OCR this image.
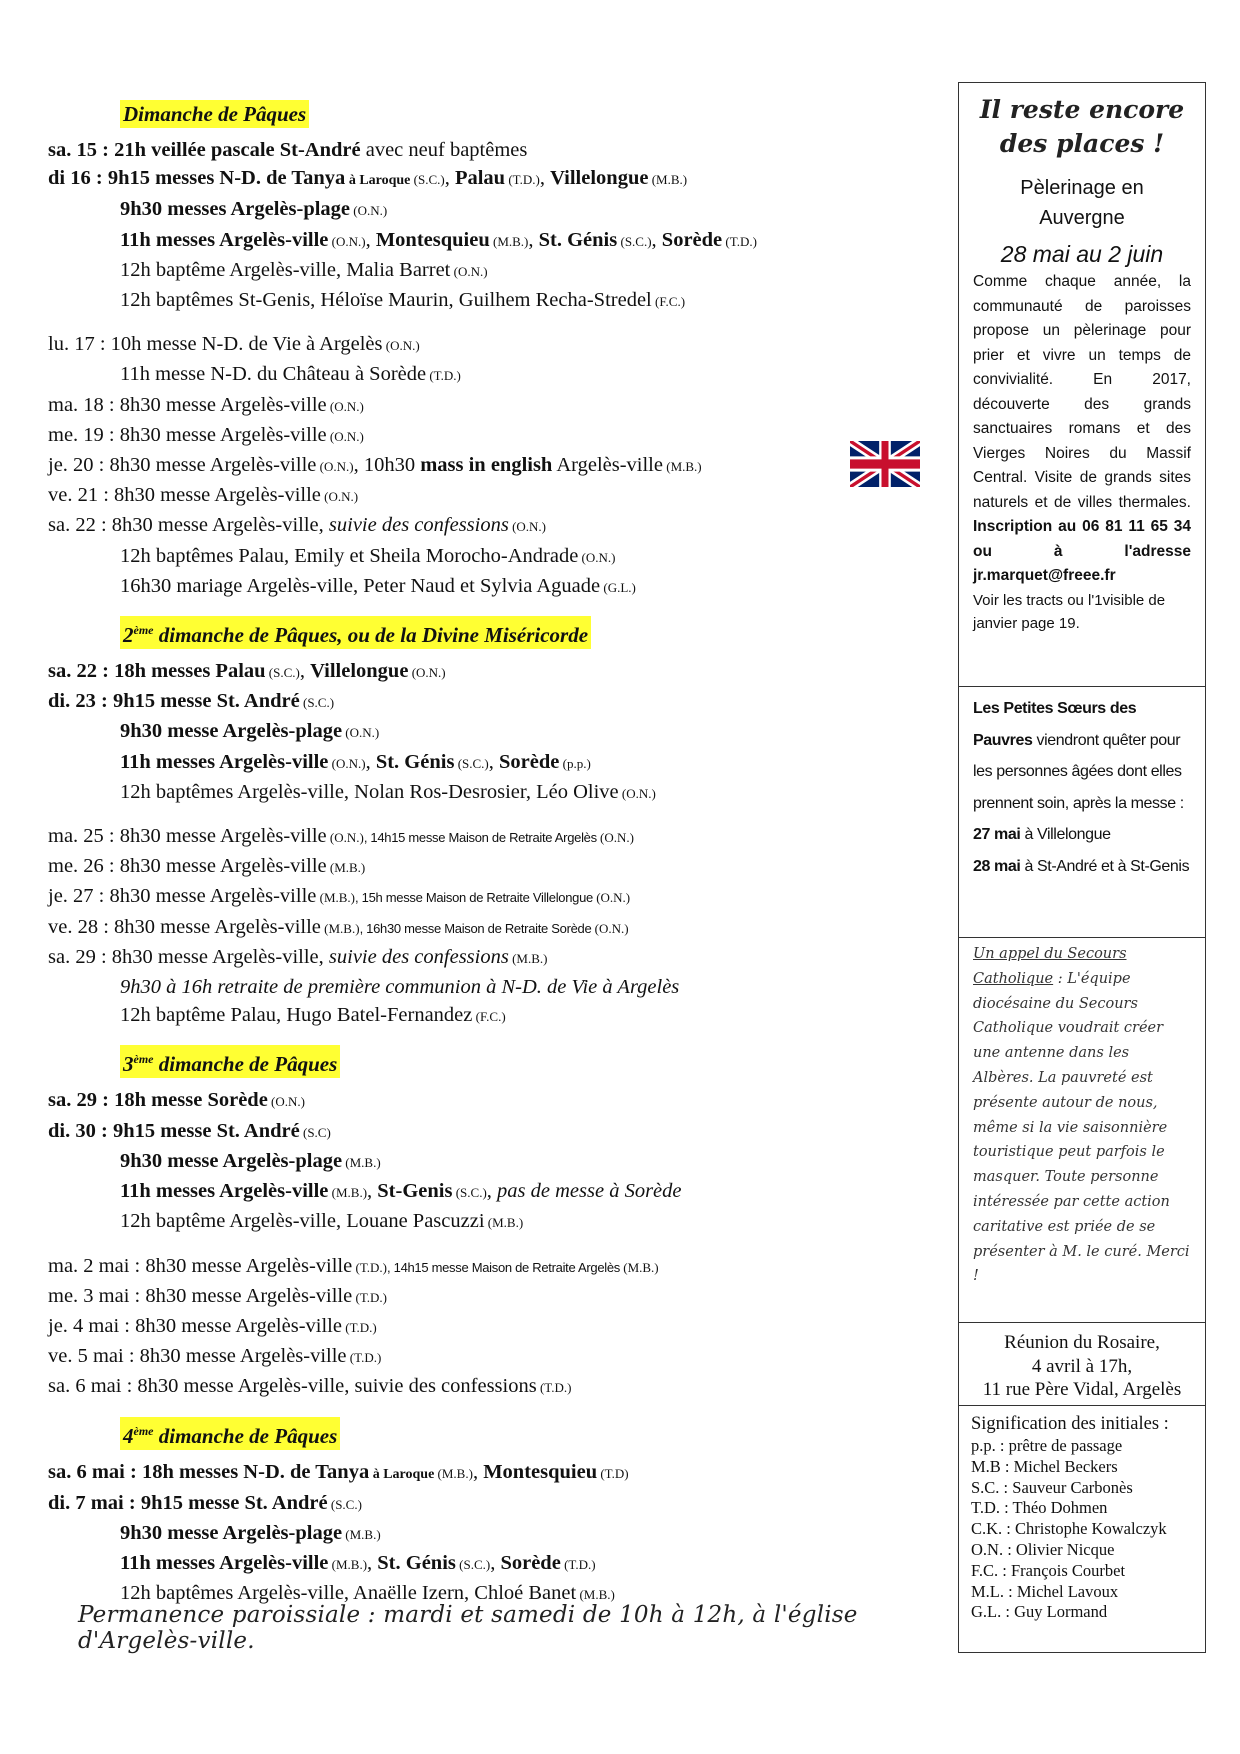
Dimanche de Pâques
sa. 15 : 21h veillée pascale St-André avec neuf baptêmes
di 16 : 9h15 messes N-D. de Tanya à Laroque (S.C.), Palau (T.D.), Villelongue (M.B.)
9h30 messes Argelès-plage (O.N.)
11h messes Argelès-ville (O.N.), Montesquieu (M.B.), St. Génis (S.C.), Sorède (T.D.)
12h baptême Argelès-ville, Malia Barret (O.N.)
12h baptêmes St-Genis, Héloïse Maurin, Guilhem Recha-Stredel (F.C.)
lu. 17 : 10h messe N-D. de Vie à Argelès (O.N.)
11h messe N-D. du Château à Sorède (T.D.)
ma. 18 : 8h30 messe Argelès-ville (O.N.)
me. 19 : 8h30 messe Argelès-ville (O.N.)
je. 20 : 8h30 messe Argelès-ville (O.N.), 10h30 mass in english Argelès-ville (M.B.)
ve. 21 : 8h30 messe Argelès-ville (O.N.)
sa. 22 : 8h30 messe Argelès-ville, suivie des confessions (O.N.)
12h baptêmes Palau, Emily et Sheila Morocho-Andrade (O.N.)
16h30 mariage Argelès-ville, Peter Naud et Sylvia Aguade (G.L.)
2ème dimanche de Pâques, ou de la Divine Miséricorde
sa. 22 : 18h messes Palau (S.C.), Villelongue (O.N.)
di. 23 : 9h15 messe St. André (S.C.)
9h30 messe Argelès-plage (O.N.)
11h messes Argelès-ville (O.N.), St. Génis (S.C.), Sorède (p.p.)
12h baptêmes Argelès-ville, Nolan Ros-Desrosier, Léo Olive (O.N.)
ma. 25 : 8h30 messe Argelès-ville (O.N.), 14h15 messe Maison de Retraite Argelès (O.N.)
me. 26 : 8h30 messe Argelès-ville (M.B.)
je. 27 : 8h30 messe Argelès-ville (M.B.), 15h messe Maison de Retraite Villelongue (O.N.)
ve. 28 : 8h30 messe Argelès-ville (M.B.), 16h30 messe Maison de Retraite Sorède (O.N.)
sa. 29 : 8h30 messe Argelès-ville, suivie des confessions (M.B.)
9h30 à 16h retraite de première communion à N-D. de Vie à Argelès
12h baptême Palau, Hugo Batel-Fernandez (F.C.)
3ème dimanche de Pâques
sa. 29 : 18h messe Sorède (O.N.)
di. 30 : 9h15 messe St. André (S.C)
9h30 messe Argelès-plage (M.B.)
11h messes Argelès-ville (M.B.), St-Genis (S.C.), pas de messe à Sorède
12h baptême Argelès-ville, Louane Pascuzzi (M.B.)
ma. 2 mai : 8h30 messe Argelès-ville (T.D.), 14h15 messe Maison de Retraite Argelès (M.B.)
me. 3 mai : 8h30 messe Argelès-ville (T.D.)
je. 4 mai : 8h30 messe Argelès-ville (T.D.)
ve. 5 mai : 8h30 messe Argelès-ville (T.D.)
sa. 6 mai : 8h30 messe Argelès-ville, suivie des confessions (T.D.)
4ème dimanche de Pâques
sa. 6 mai : 18h messes N-D. de Tanya à Laroque (M.B.), Montesquieu (T.D)
di. 7 mai : 9h15 messe St. André (S.C.)
9h30 messe Argelès-plage (M.B.)
11h messes Argelès-ville (M.B.), St. Génis (S.C.), Sorède (T.D.)
12h baptêmes Argelès-ville, Anaëlle Izern, Chloé Banet (M.B.)
Permanence paroissiale : mardi et samedi de 10h à 12h, à l'église d'Argelès-ville.
Il reste encore
des places !
Pèlerinage en
Auvergne
28 mai au 2 juin
Comme chaque année, la communauté de paroisses propose un pèlerinage pour prier et vivre un temps de convivialité. En 2017, découverte des grands sanctuaires romans et des Vierges Noires du Massif Central. Visite de grands sites naturels et de villes thermales. Inscription au 06 81 11 65 34 ou à l'adresse jr.marquet@freee.fr
Voir les tracts ou l'1visible de janvier page 19.
Les Petites Sœurs des Pauvres viendront quêter pour les personnes âgées dont elles prennent soin, après la messe :
27 mai à Villelongue
28 mai à St-André et à St-Genis
Un appel du Secours Catholique : L'équipe diocésaine du Secours Catholique voudrait créer une antenne dans les Albères. La pauvreté est présente autour de nous, même si la vie saisonnière touristique peut parfois le masquer. Toute personne intéressée par cette action caritative est priée de se présenter à M. le curé. Merci !
Réunion du Rosaire,
4 avril à 17h,
11 rue Père Vidal, Argelès
Signification des initiales :
p.p. : prêtre de passage
M.B : Michel Beckers
S.C. : Sauveur Carbonès
T.D. : Théo Dohmen
C.K. : Christophe Kowalczyk
O.N. : Olivier Nicque
F.C. : François Courbet
M.L. : Michel Lavoux
G.L. : Guy Lormand
